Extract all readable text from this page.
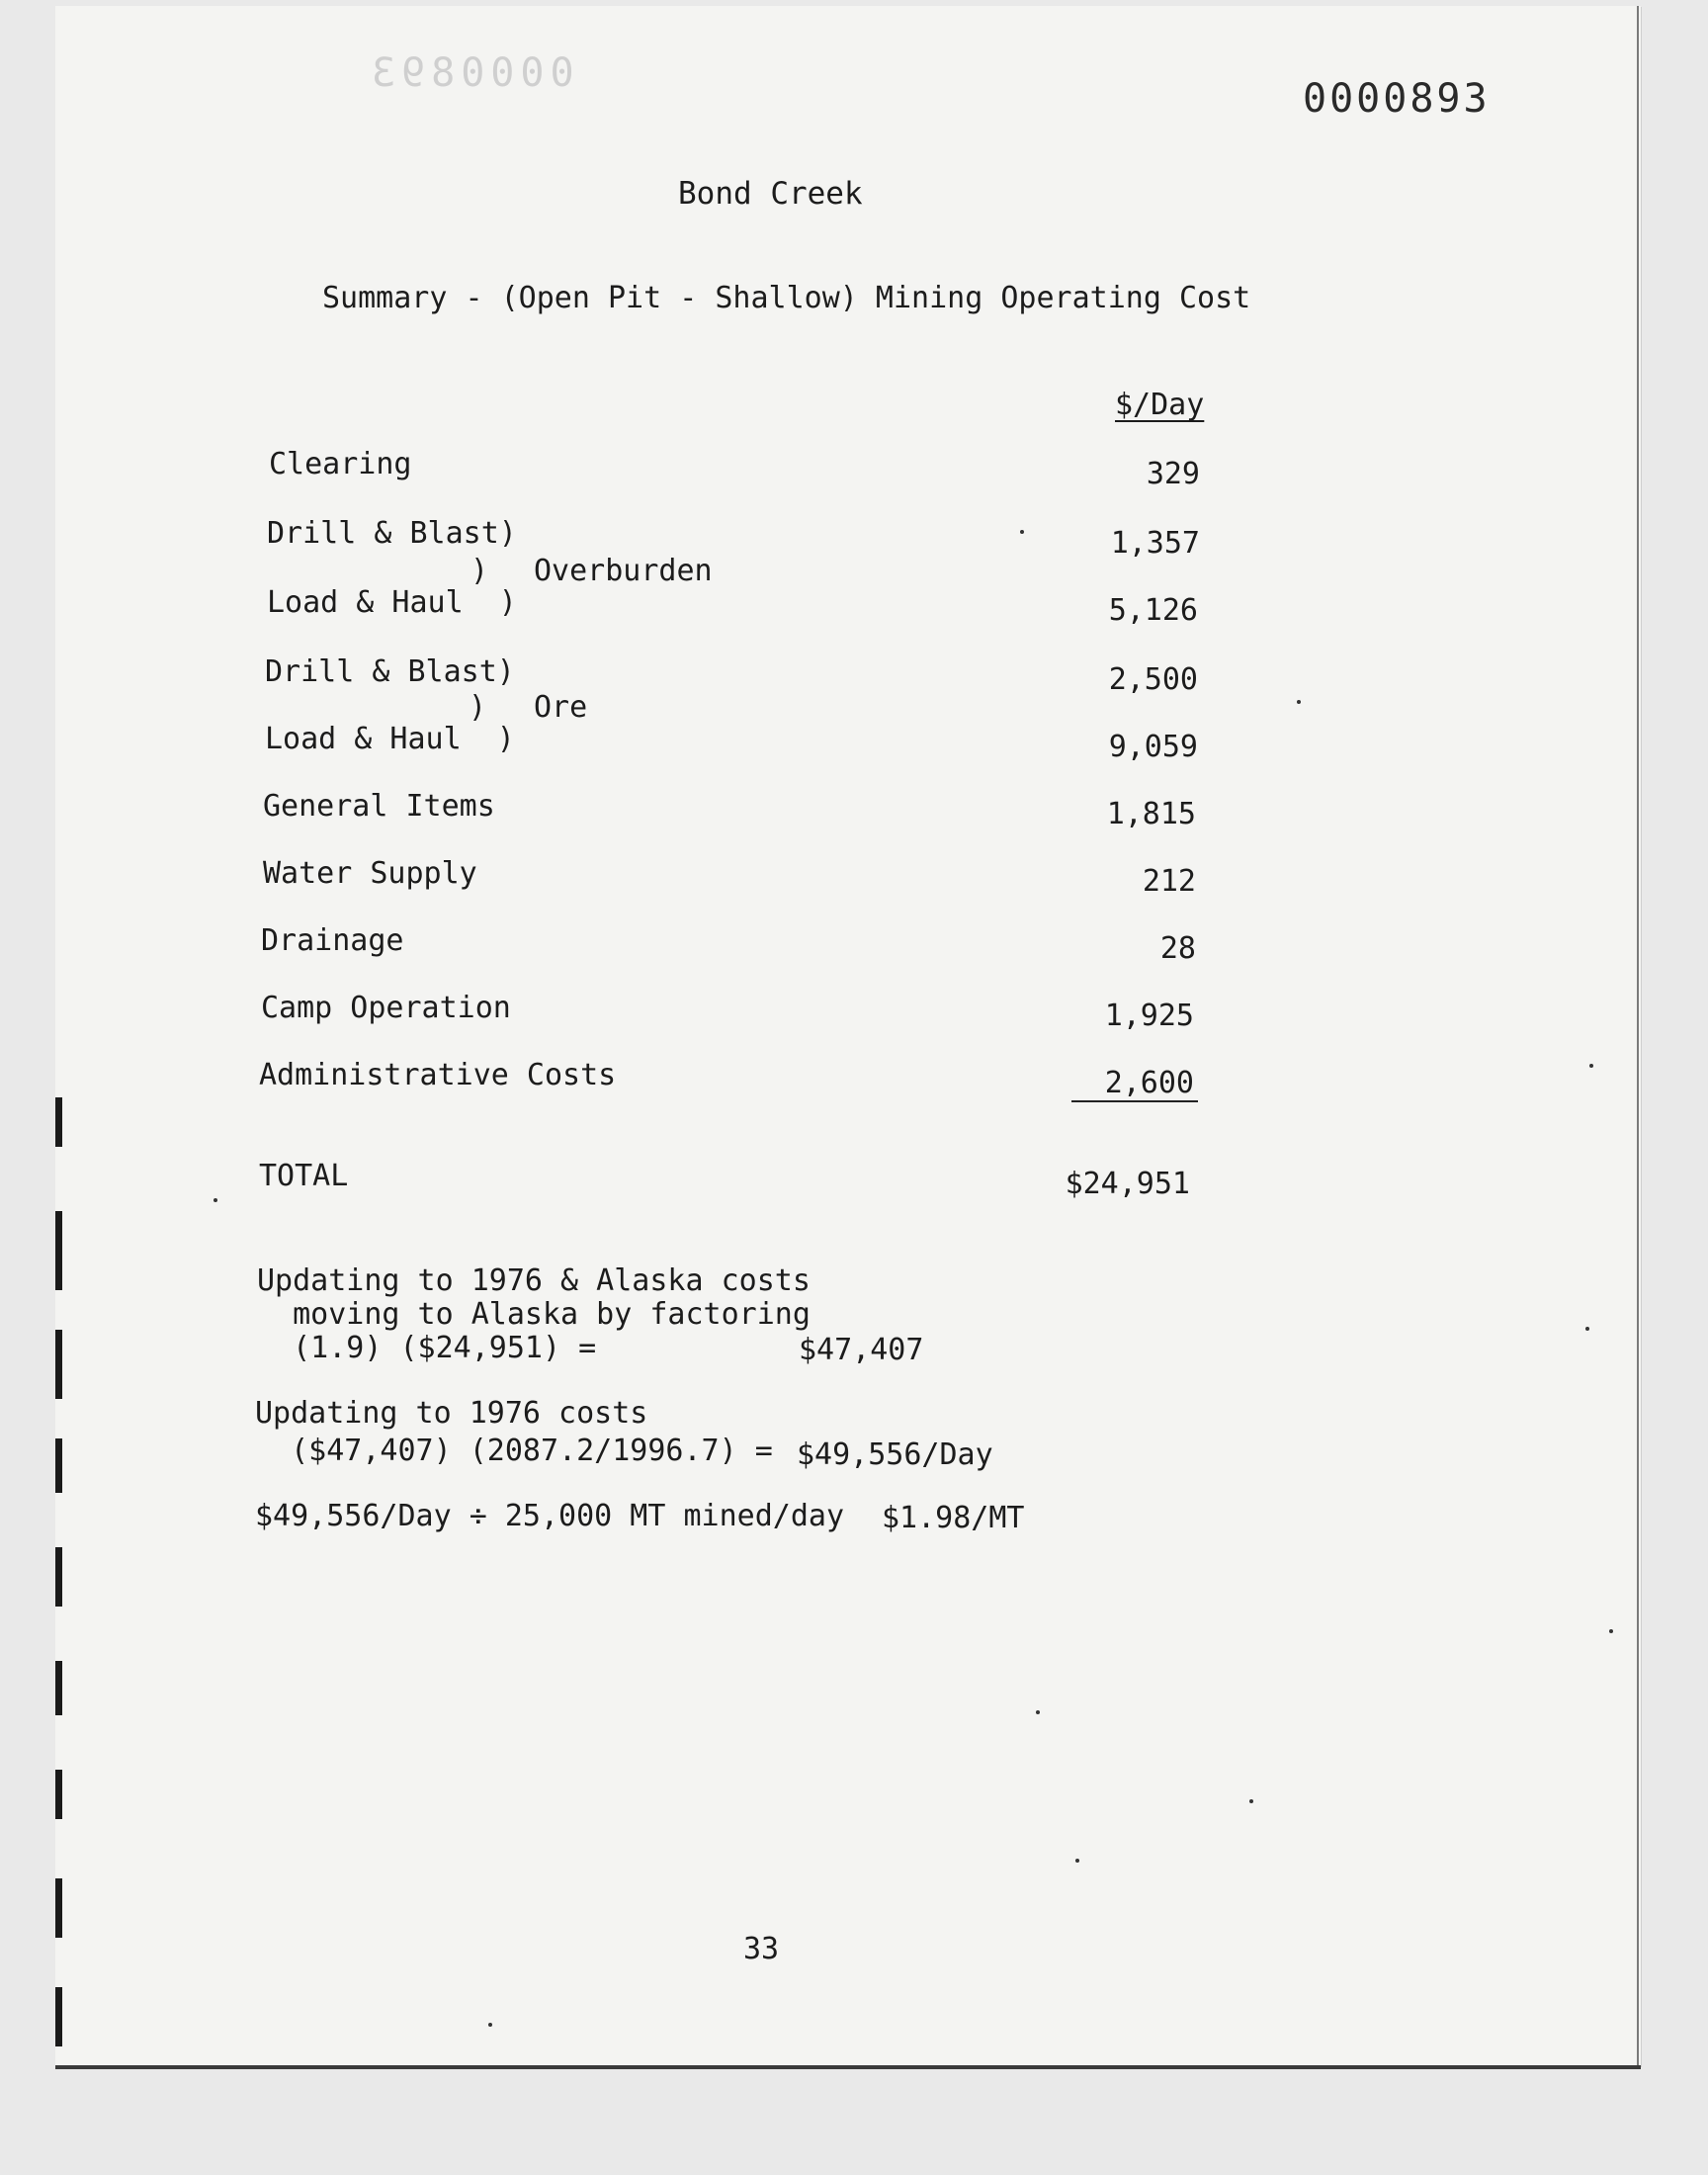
0000893
0000893
Bond Creek
Summary - (Open Pit - Shallow) Mining Operating Cost
$/Day
Clearing	329
Drill & Blast)	1,357
) Overburden
Load & Haul  )	5,126
Drill & Blast)	2,500
) Ore
Load & Haul  )	9,059
General Items	1,815
Water Supply	212
Drainage	28
Camp Operation	1,925
Administrative Costs	2,600
TOTAL	$24,951
Updating to 1976 & Alaska costs
moving to Alaska by factoring
(1.9) ($24,951) =	$47,407
Updating to 1976 costs
($47,407) (2087.2/1996.7) = $49,556/Day
$49,556/Day ÷ 25,000 MT mined/day $1.98/MT
33
